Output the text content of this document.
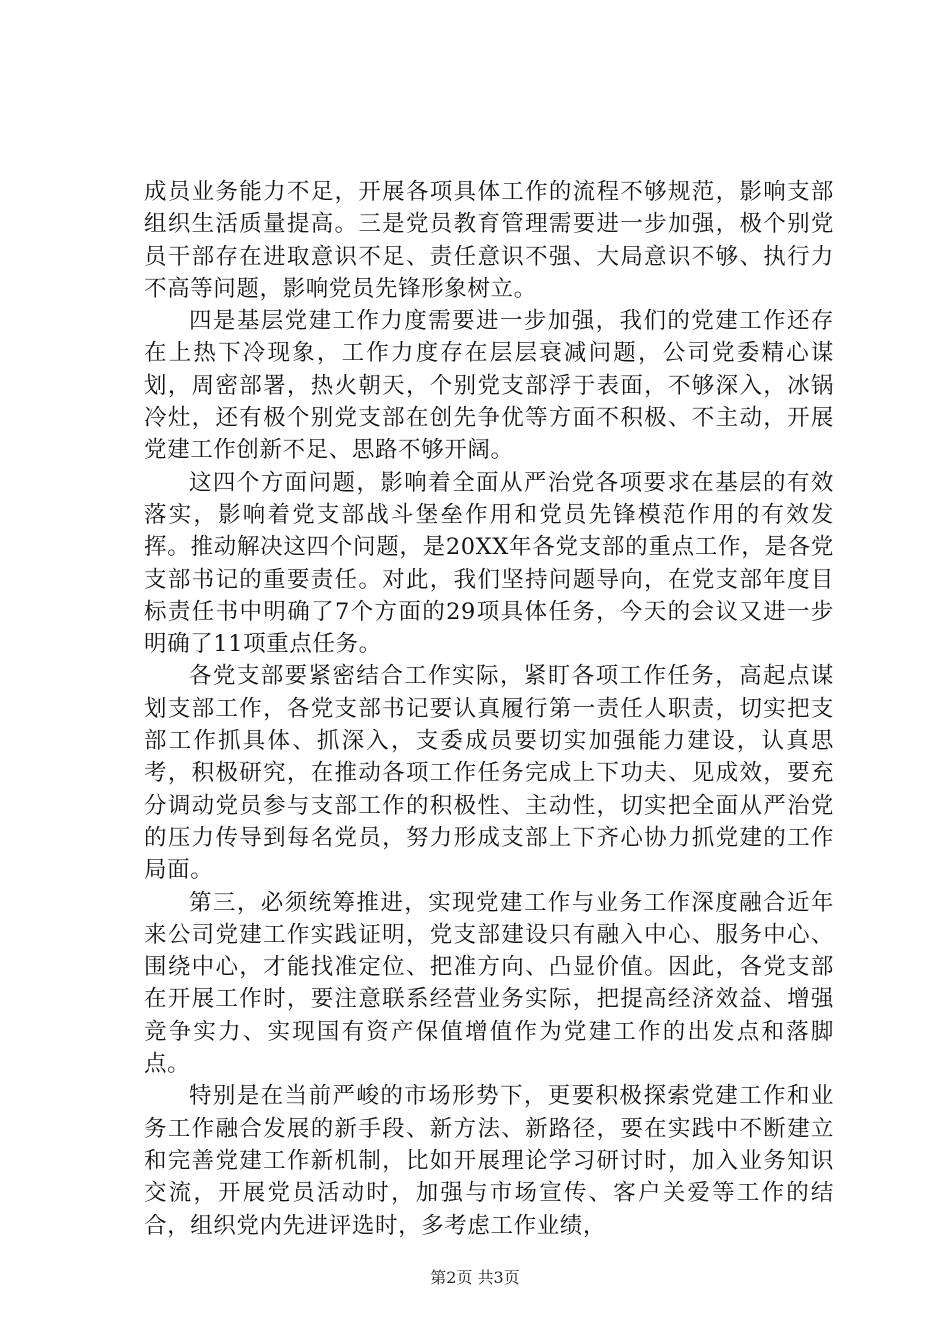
成员业务能力不足，开展各项具体工作的流程不够规范，影响支部组织生活质量提高。三是党员教育管理需要进一步加强，极个别党员干部存在进取意识不足、责任意识不强、大局意识不够、执行力不高等问题，影响党员先锋形象树立。

四是基层党建工作力度需要进一步加强，我们的党建工作还存在上热下冷现象，工作力度存在层层衰减问题，公司党委精心谋划，周密部署，热火朝天，个别党支部浮于表面，不够深入，冰锅冷灶，还有极个别党支部在创先争优等方面不积极、不主动，开展党建工作创新不足、思路不够开阔。

这四个方面问题，影响着全面从严治党各项要求在基层的有效落实，影响着党支部战斗堡垒作用和党员先锋模范作用的有效发挥。推动解决这四个问题，是20XX年各党支部的重点工作，是各党支部书记的重要责任。对此，我们坚持问题导向，在党支部年度目标责任书中明确了7个方面的29项具体任务，今天的会议又进一步明确了11项重点任务。

各党支部要紧密结合工作实际，紧盯各项工作任务，高起点谋划支部工作，各党支部书记要认真履行第一责任人职责，切实把支部工作抓具体、抓深入，支委成员要切实加强能力建设，认真思考，积极研究，在推动各项工作任务完成上下功夫、见成效，要充分调动党员参与支部工作的积极性、主动性，切实把全面从严治党的压力传导到每名党员，努力形成支部上下齐心协力抓党建的工作局面。

第三，必须统筹推进，实现党建工作与业务工作深度融合近年来公司党建工作实践证明，党支部建设只有融入中心、服务中心、围绕中心，才能找准定位、把准方向、凸显价值。因此，各党支部在开展工作时，要注意联系经营业务实际，把提高经济效益、增强竞争实力、实现国有资产保值增值作为党建工作的出发点和落脚点。

特别是在当前严峻的市场形势下，更要积极探索党建工作和业务工作融合发展的新手段、新方法、新路径，要在实践中不断建立和完善党建工作新机制，比如开展理论学习研讨时，加入业务知识交流，开展党员活动时，加强与市场宣传、客户关爱等工作的结合，组织党内先进评选时，多考虑工作业绩，

第2页 共3页
